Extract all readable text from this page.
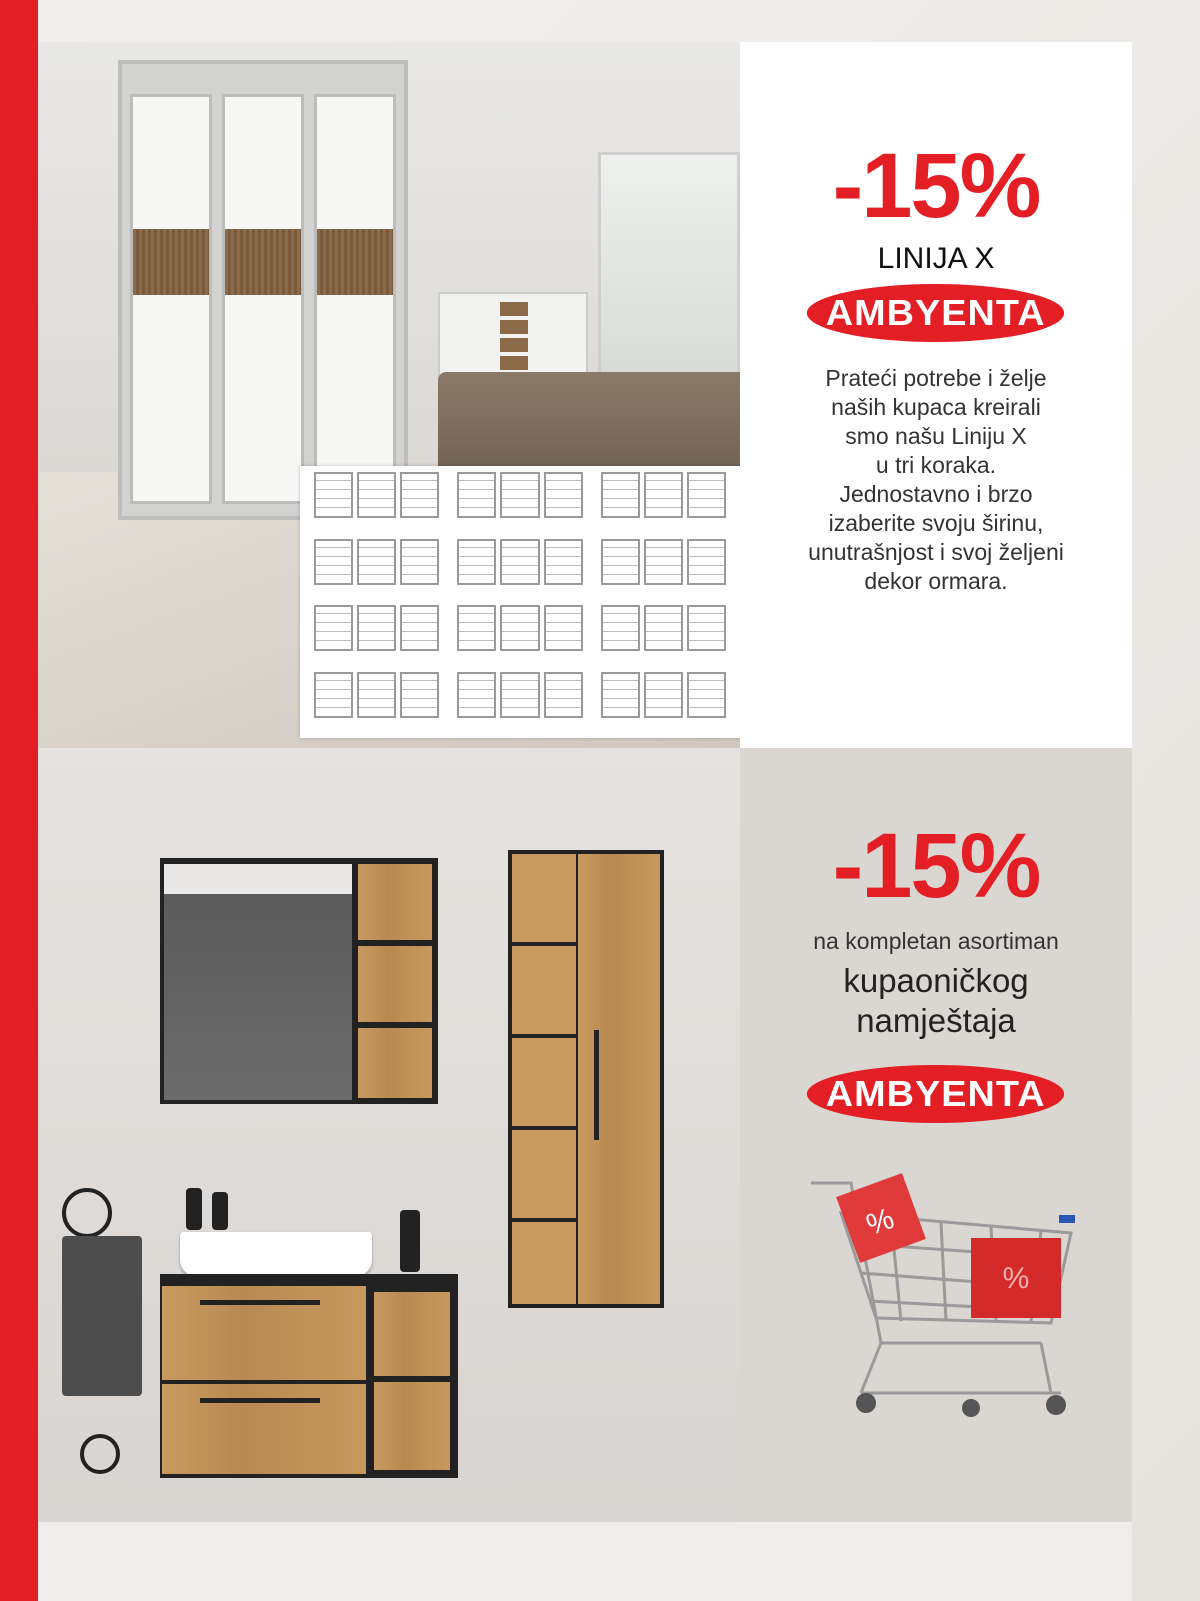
-15%
LINIJA X
AMBYENTA
Prateći potrebe i želje
naših kupaca kreirali
smo našu Liniju X
u tri koraka.
Jednostavno i brzo
izaberite svoju širinu,
unutrašnjost i svoj željeni
dekor ormara.
-15%
na kompletan asortiman
kupaoničkog
namještaja
AMBYENTA
%
%
